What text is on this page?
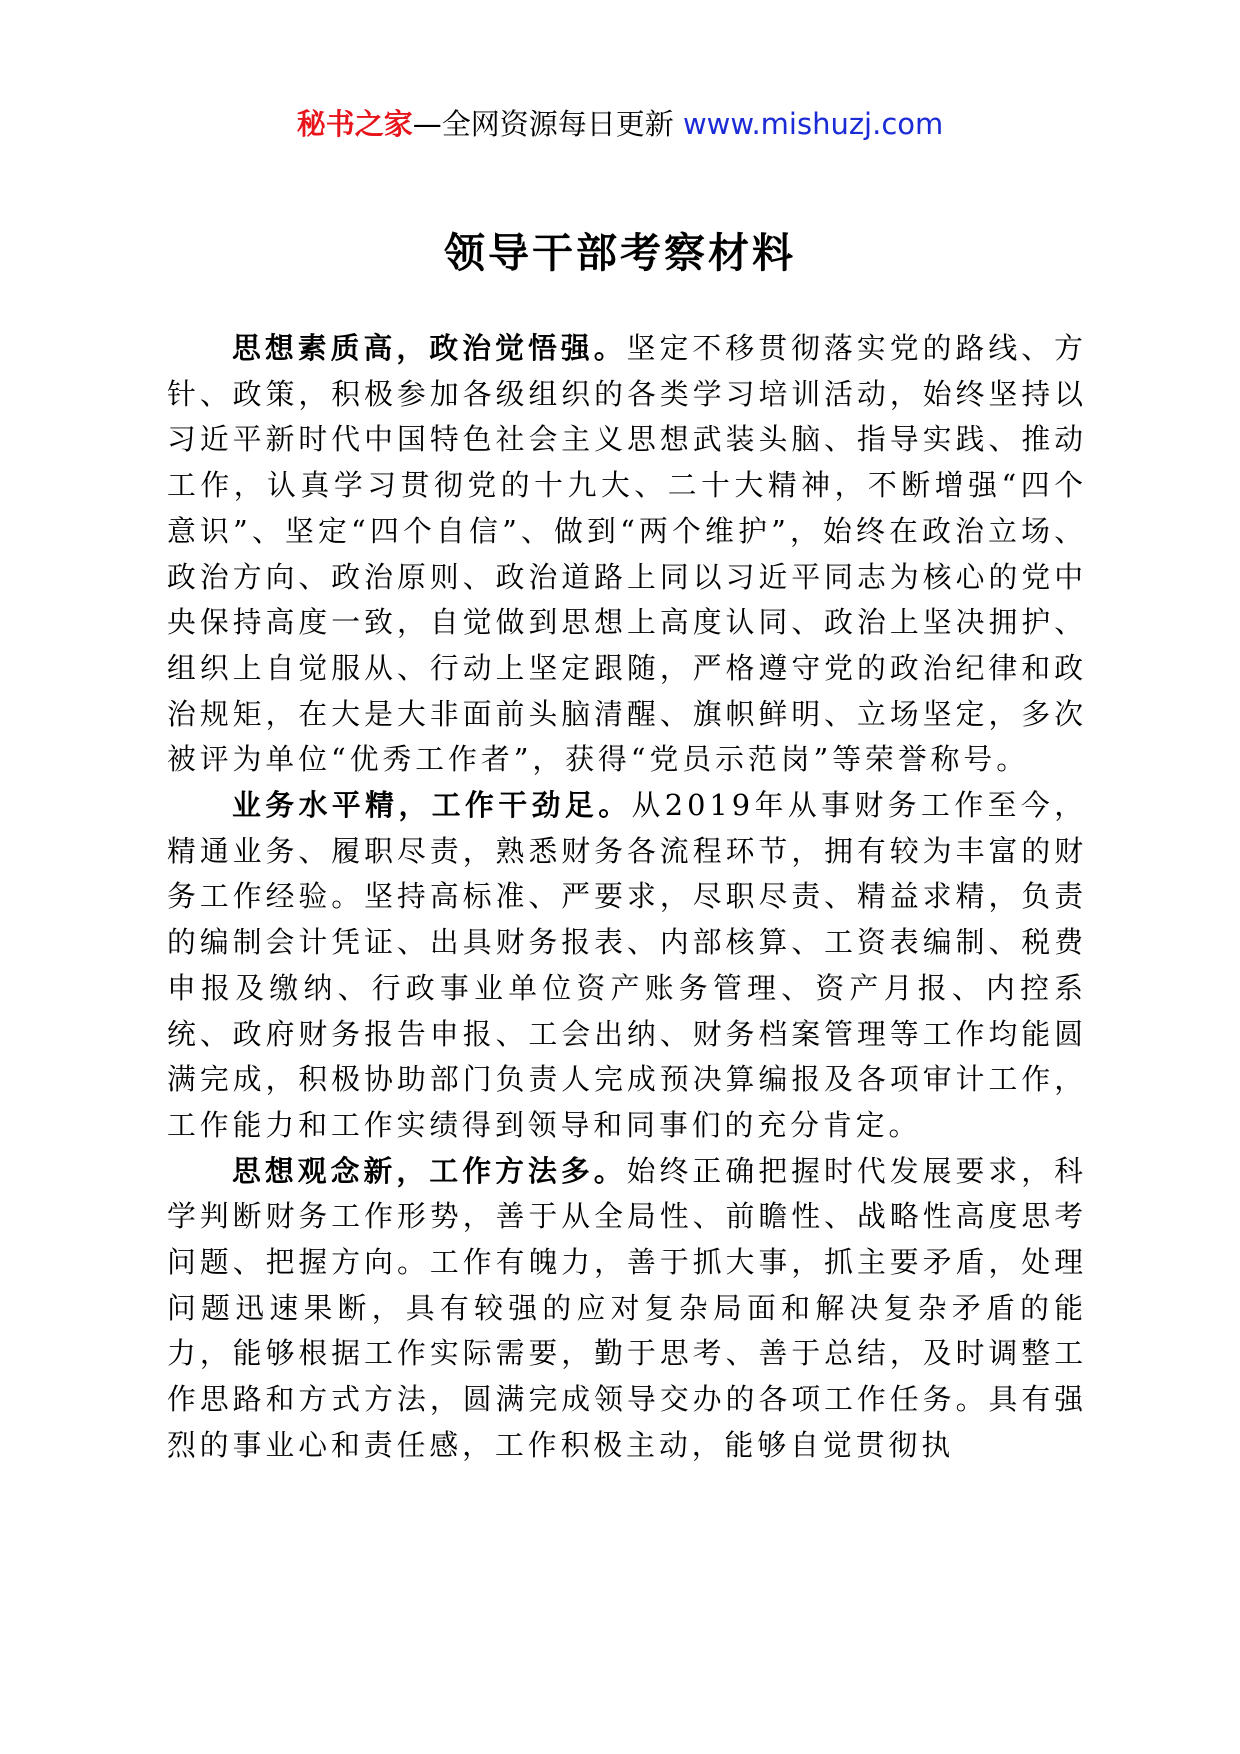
秘书之家—全网资源每日更新 www.mishuzj.com
领导干部考察材料

思想素质高，政治觉悟强。坚定不移贯彻落实党的路线、方针、政策，积极参加各级组织的各类学习培训活动，始终坚持以习近平新时代中国特色社会主义思想武装头脑、指导实践、推动工作，认真学习贯彻党的十九大、二十大精神，不断增强“四个意识”、坚定“四个自信”、做到“两个维护”，始终在政治立场、政治方向、政治原则、政治道路上同以习近平同志为核心的党中央保持高度一致，自觉做到思想上高度认同、政治上坚决拥护、组织上自觉服从、行动上坚定跟随，严格遵守党的政治纪律和政治规矩，在大是大非面前头脑清醒、旗帜鲜明、立场坚定，多次被评为单位“优秀工作者”，获得“党员示范岗”等荣誉称号。

业务水平精，工作干劲足。从2019年从事财务工作至今，精通业务、履职尽责，熟悉财务各流程环节，拥有较为丰富的财务工作经验。坚持高标准、严要求，尽职尽责、精益求精，负责的编制会计凭证、出具财务报表、内部核算、工资表编制、税费申报及缴纳、行政事业单位资产账务管理、资产月报、内控系统、政府财务报告申报、工会出纳、财务档案管理等工作均能圆满完成，积极协助部门负责人完成预决算编报及各项审计工作，工作能力和工作实绩得到领导和同事们的充分肯定。

思想观念新，工作方法多。始终正确把握时代发展要求，科学判断财务工作形势，善于从全局性、前瞻性、战略性高度思考问题、把握方向。工作有魄力，善于抓大事，抓主要矛盾，处理问题迅速果断，具有较强的应对复杂局面和解决复杂矛盾的能力，能够根据工作实际需要，勤于思考、善于总结，及时调整工作思路和方式方法，圆满完成领导交办的各项工作任务。具有强烈的事业心和责任感，工作积极主动，能够自觉贯彻执
